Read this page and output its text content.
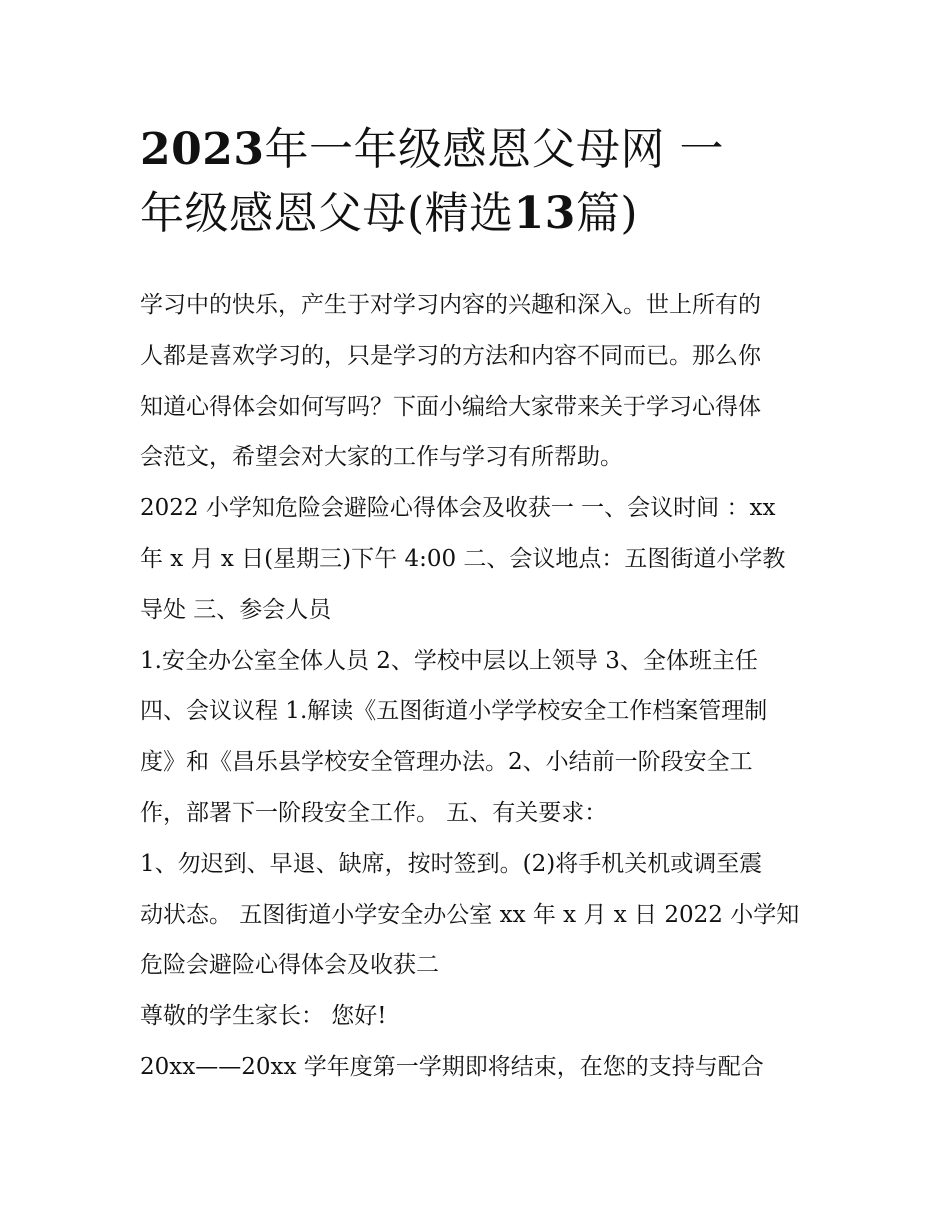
2023年一年级感恩父母网 一
年级感恩父母(精选13篇)

学习中的快乐，产生于对学习内容的兴趣和深入。世上所有的
人都是喜欢学习的，只是学习的方法和内容不同而已。那么你
知道心得体会如何写吗？下面小编给大家带来关于学习心得体
会范文，希望会对大家的工作与学习有所帮助。

2022 小学知危险会避险心得体会及收获一 一、会议时间 ：xx
年 x 月 x 日(星期三)下午 4:00 二、会议地点：五图街道小学教
导处 三、参会人员

1.安全办公室全体人员 2、学校中层以上领导 3、全体班主任
四、会议议程 1.解读《五图街道小学学校安全工作档案管理制
度》和《昌乐县学校安全管理办法。2、小结前一阶段安全工
作，部署下一阶段安全工作。 五、有关要求：

1、勿迟到、早退、缺席，按时签到。(2)将手机关机或调至震
动状态。 五图街道小学安全办公室 xx 年 x 月 x 日 2022 小学知
危险会避险心得体会及收获二

尊敬的学生家长： 您好!

20xx——20xx 学年度第一学期即将结束，在您的支持与配合
